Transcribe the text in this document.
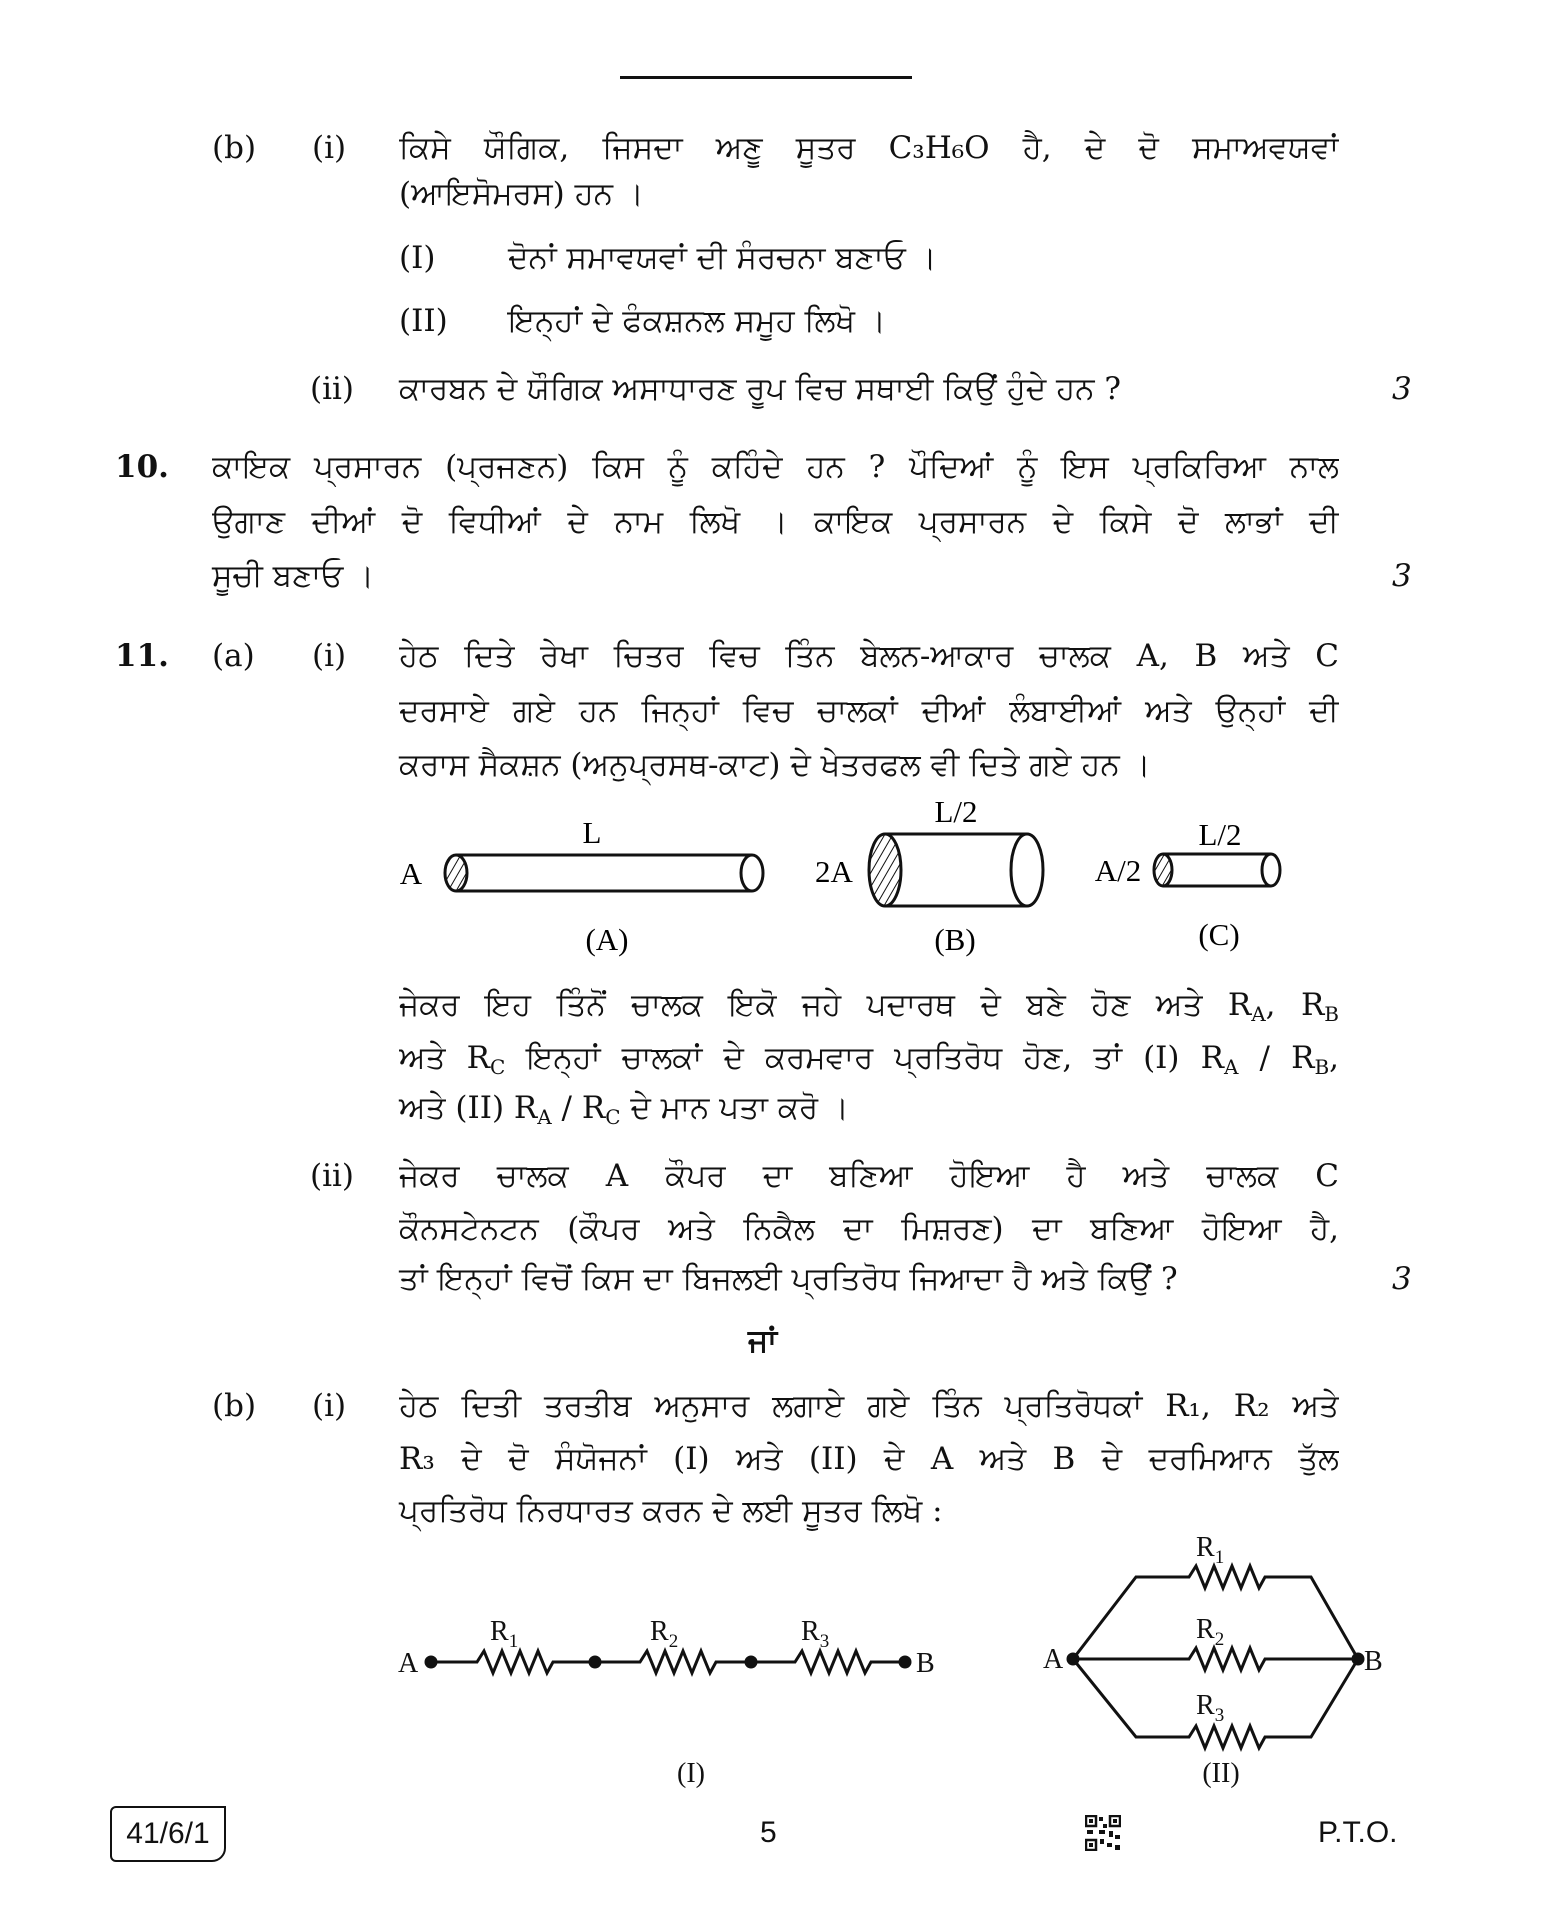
(b) (i) ਕਿਸੇ ਯੌਗਿਕ, ਜਿਸਦਾ ਅਣੂ ਸੂਤਰ C₃H₆O ਹੈ, ਦੇ ਦੋ ਸਮਾਅਵਯਵਾਂ
(ਆਇਸੋਮਰਸ) ਹਨ ।
(I) ਦੋਨਾਂ ਸਮਾਵਯਵਾਂ ਦੀ ਸੰਰਚਨਾ ਬਣਾਓ ।
(II) ਇਨ੍ਹਾਂ ਦੇ ਫੰਕਸ਼ਨਲ ਸਮੂਹ ਲਿਖੋ ।
(ii) ਕਾਰਬਨ ਦੇ ਯੌਗਿਕ ਅਸਾਧਾਰਣ ਰੂਪ ਵਿਚ ਸਥਾਈ ਕਿਉਂ ਹੁੰਦੇ ਹਨ ?	3
10. ਕਾਇਕ ਪ੍ਰਸਾਰਨ (ਪ੍ਰਜਣਨ) ਕਿਸ ਨੂੰ ਕਹਿੰਦੇ ਹਨ ? ਪੌਦਿਆਂ ਨੂੰ ਇਸ ਪ੍ਰਕਿਰਿਆ ਨਾਲ
ਉਗਾਣ ਦੀਆਂ ਦੋ ਵਿਧੀਆਂ ਦੇ ਨਾਮ ਲਿਖੋ । ਕਾਇਕ ਪ੍ਰਸਾਰਨ ਦੇ ਕਿਸੇ ਦੋ ਲਾਭਾਂ ਦੀ
ਸੂਚੀ ਬਣਾਓ ।	3
11. (a) (i) ਹੇਠ ਦਿਤੇ ਰੇਖਾ ਚਿਤਰ ਵਿਚ ਤਿੰਨ ਬੇਲਨ-ਆਕਾਰ ਚਾਲਕ A, B ਅਤੇ C
ਦਰਸਾਏ ਗਏ ਹਨ ਜਿਨ੍ਹਾਂ ਵਿਚ ਚਾਲਕਾਂ ਦੀਆਂ ਲੰਬਾਈਆਂ ਅਤੇ ਉਨ੍ਹਾਂ ਦੀ
ਕਰਾਸ ਸੈਕਸ਼ਨ (ਅਨੁਪ੍ਰਸਥ-ਕਾਟ) ਦੇ ਖੇਤਰਫਲ ਵੀ ਦਿਤੇ ਗਏ ਹਨ ।
A
L
(A)
2A
L/2
(B)
A/2
L/2
(C)
ਜੇਕਰ ਇਹ ਤਿੰਨੋਂ ਚਾਲਕ ਇਕੋ ਜਹੇ ਪਦਾਰਥ ਦੇ ਬਣੇ ਹੋਣ ਅਤੇ $R_A$, $R_B$
ਅਤੇ $R_C$ ਇਨ੍ਹਾਂ ਚਾਲਕਾਂ ਦੇ ਕਰਮਵਾਰ ਪ੍ਰਤਿਰੋਧ ਹੋਣ, ਤਾਂ (I) $R_A / R_B$,
ਅਤੇ (II) $R_A / R_C$ ਦੇ ਮਾਨ ਪਤਾ ਕਰੋ ।
(ii) ਜੇਕਰ ਚਾਲਕ A ਕੌਪਰ ਦਾ ਬਣਿਆ ਹੋਇਆ ਹੈ ਅਤੇ ਚਾਲਕ C
ਕੌਨਸਟੇਨਟਨ (ਕੌਪਰ ਅਤੇ ਨਿਕੈਲ ਦਾ ਮਿਸ਼ਰਣ) ਦਾ ਬਣਿਆ ਹੋਇਆ ਹੈ,
ਤਾਂ ਇਨ੍ਹਾਂ ਵਿਚੋਂ ਕਿਸ ਦਾ ਬਿਜਲਈ ਪ੍ਰਤਿਰੋਧ ਜਿਆਦਾ ਹੈ ਅਤੇ ਕਿਉਂ ?	3
ਜਾਂ
(b) (i) ਹੇਠ ਦਿਤੀ ਤਰਤੀਬ ਅਨੁਸਾਰ ਲਗਾਏ ਗਏ ਤਿੰਨ ਪ੍ਰਤਿਰੋਧਕਾਂ R₁, R₂ ਅਤੇ
R₃ ਦੇ ਦੋ ਸੰਯੋਜਨਾਂ (I) ਅਤੇ (II) ਦੇ A ਅਤੇ B ਦੇ ਦਰਮਿਆਨ ਤੁੱਲ
ਪ੍ਰਤਿਰੋਧ ਨਿਰਧਾਰਤ ਕਰਨ ਦੇ ਲਈ ਸੂਤਰ ਲਿਖੋ :
A	B
$R_1$	$R_2$	$R_3$
(I)
A	B
$R_1$
$R_2$
$R_3$
(II)
41/6/1	5	P.T.O.
